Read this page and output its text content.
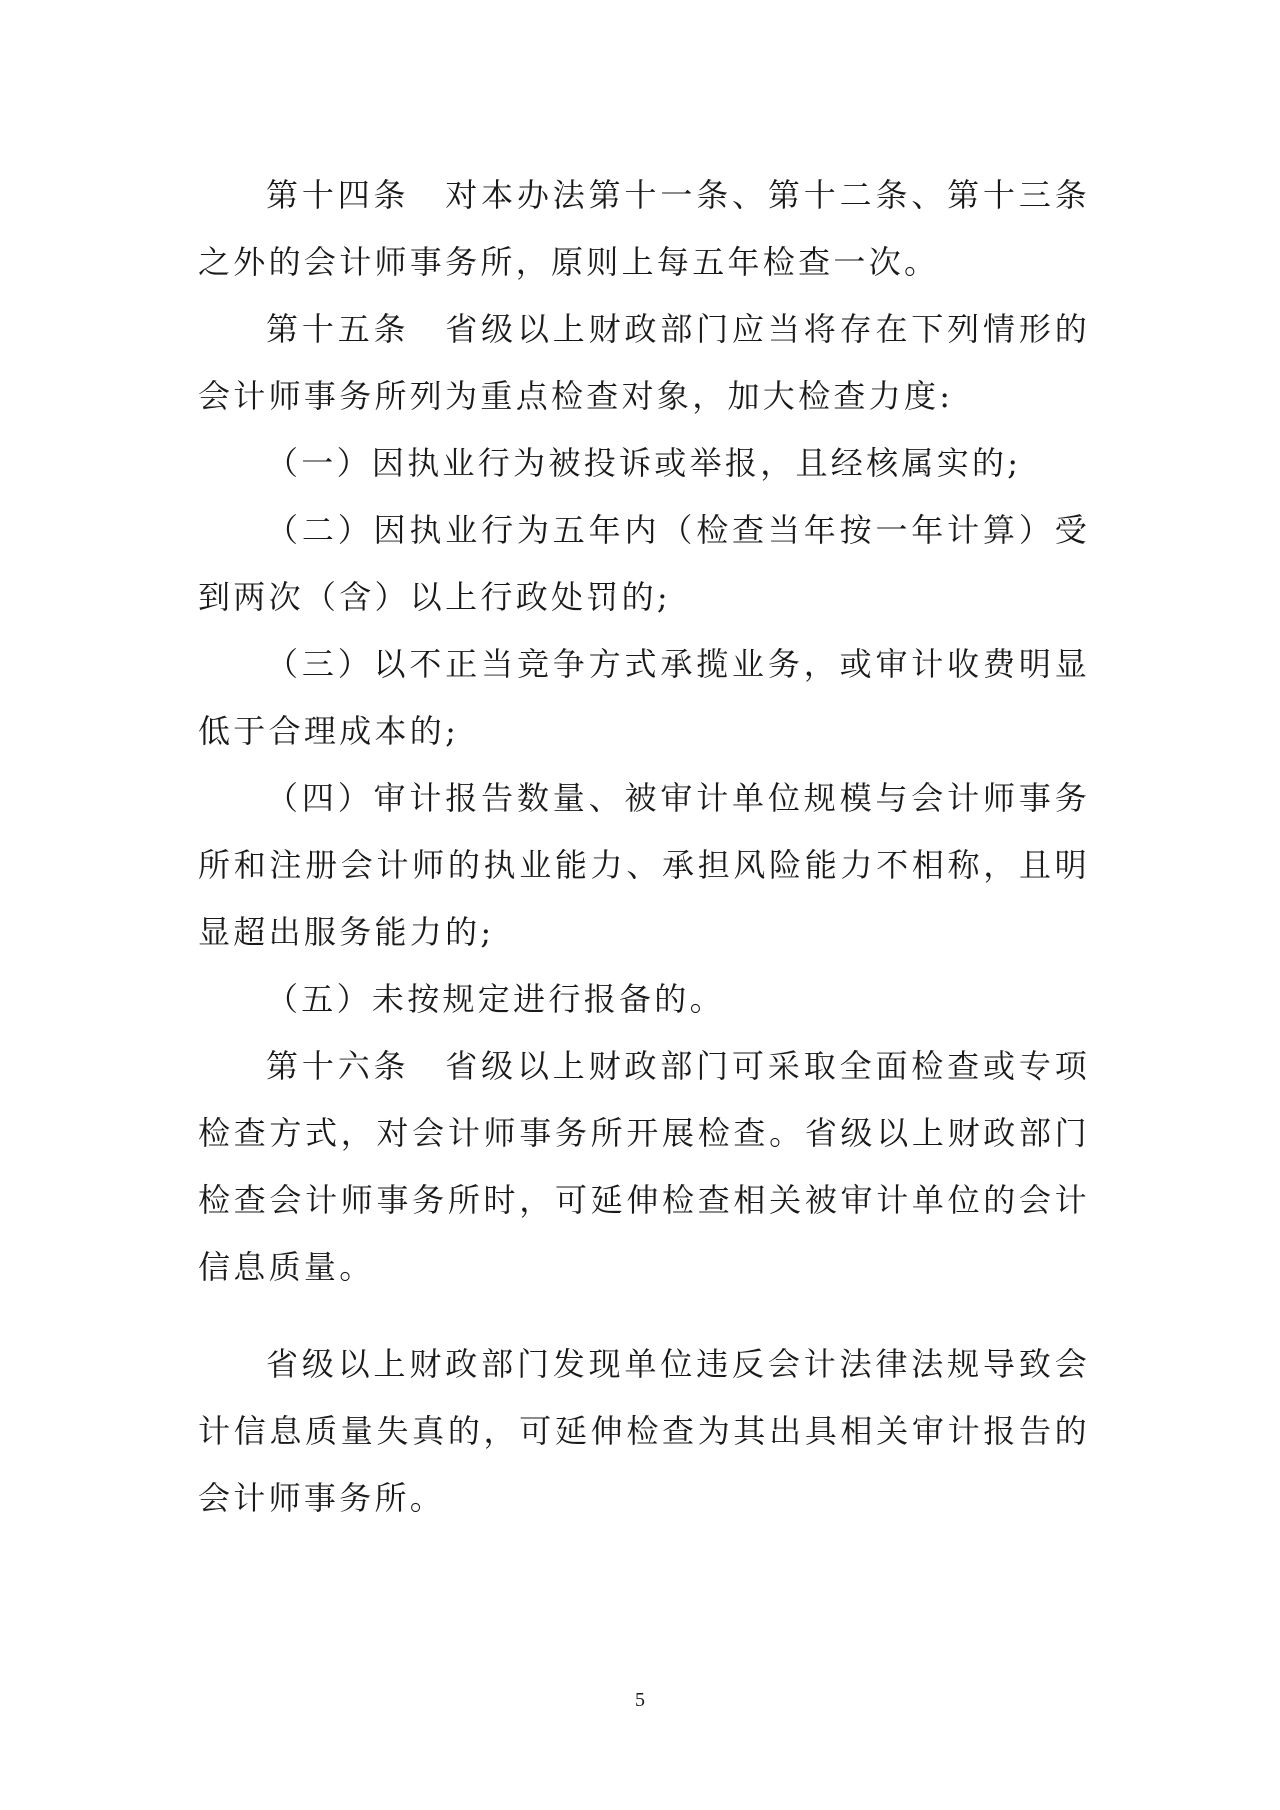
第十四条　对本办法第十一条、第十二条、第十三条之外的会计师事务所，原则上每五年检查一次。

第十五条　省级以上财政部门应当将存在下列情形的会计师事务所列为重点检查对象，加大检查力度:

（一）因执业行为被投诉或举报，且经核属实的;

（二）因执业行为五年内（检查当年按一年计算）受到两次（含）以上行政处罚的;

（三）以不正当竞争方式承揽业务，或审计收费明显低于合理成本的;

（四）审计报告数量、被审计单位规模与会计师事务所和注册会计师的执业能力、承担风险能力不相称，且明显超出服务能力的;

（五）未按规定进行报备的。

第十六条　省级以上财政部门可采取全面检查或专项检查方式，对会计师事务所开展检查。省级以上财政部门检查会计师事务所时，可延伸检查相关被审计单位的会计信息质量。

省级以上财政部门发现单位违反会计法律法规导致会计信息质量失真的，可延伸检查为其出具相关审计报告的会计师事务所。

5
